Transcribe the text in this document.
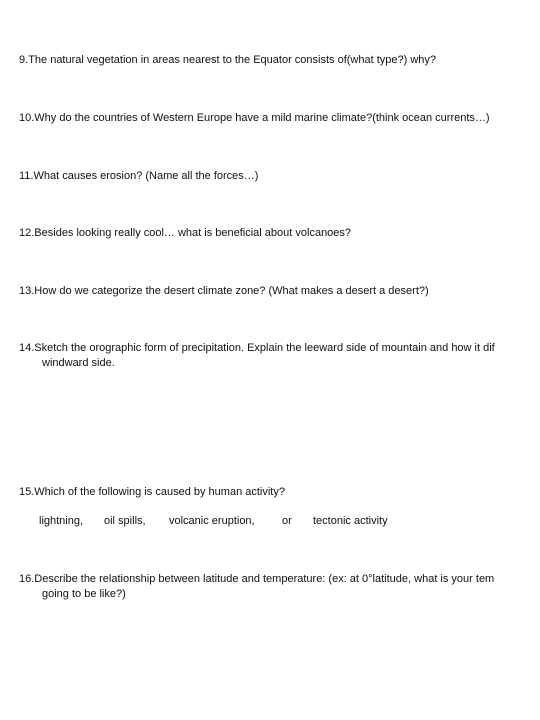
9.The natural vegetation in areas nearest to the Equator consists of(what type?) why?
10.Why do the countries of Western Europe have a mild marine climate?(think ocean currents…)
11.What causes erosion? (Name all the forces…)
12.Besides looking really cool… what is beneficial about volcanoes?
13.How do we categorize the desert climate zone? (What makes a desert a desert?)
14.Sketch the orographic form of precipitation. Explain the leeward side of mountain and how it dif
windward side.
15.Which of the following is caused by human activity?
lightning, oil spills, volcanic eruption, or tectonic activity
16.Describe the relationship between latitude and temperature: (ex: at 0°latitude, what is your tem
going to be like?)
